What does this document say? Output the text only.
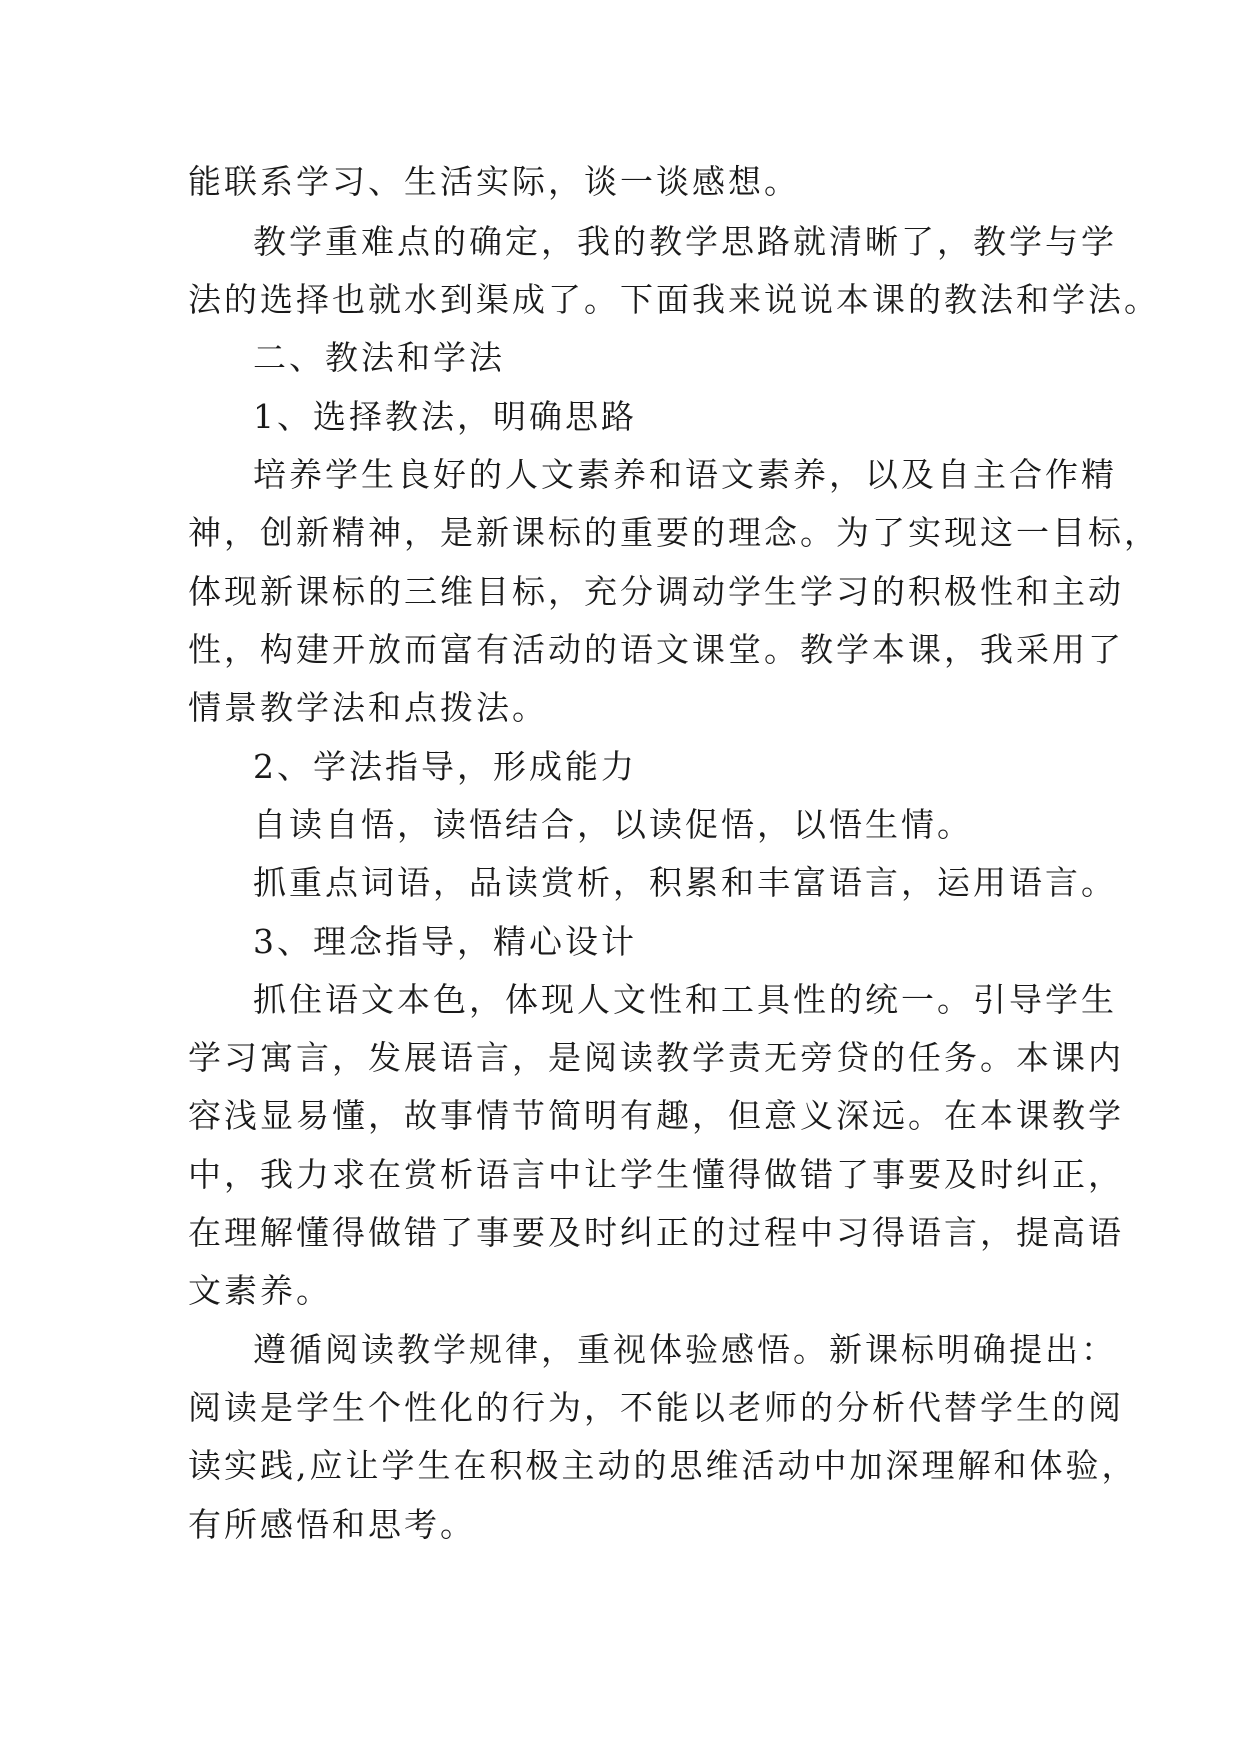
能联系学习、生活实际，谈一谈感想。
教学重难点的确定，我的教学思路就清晰了，教学与学
法的选择也就水到渠成了。下面我来说说本课的教法和学法。
二、教法和学法
1、选择教法，明确思路
培养学生良好的人文素养和语文素养，以及自主合作精
神，创新精神，是新课标的重要的理念。为了实现这一目标，
体现新课标的三维目标，充分调动学生学习的积极性和主动
性，构建开放而富有活动的语文课堂。教学本课，我采用了
情景教学法和点拨法。
2、学法指导，形成能力
自读自悟，读悟结合，以读促悟，以悟生情。
抓重点词语，品读赏析，积累和丰富语言，运用语言。
3、理念指导，精心设计
抓住语文本色，体现人文性和工具性的统一。引导学生
学习寓言，发展语言，是阅读教学责无旁贷的任务。本课内
容浅显易懂，故事情节简明有趣，但意义深远。在本课教学
中，我力求在赏析语言中让学生懂得做错了事要及时纠正，
在理解懂得做错了事要及时纠正的过程中习得语言，提高语
文素养。
遵循阅读教学规律，重视体验感悟。新课标明确提出：
阅读是学生个性化的行为，不能以老师的分析代替学生的阅
读实践,应让学生在积极主动的思维活动中加深理解和体验，
有所感悟和思考。
